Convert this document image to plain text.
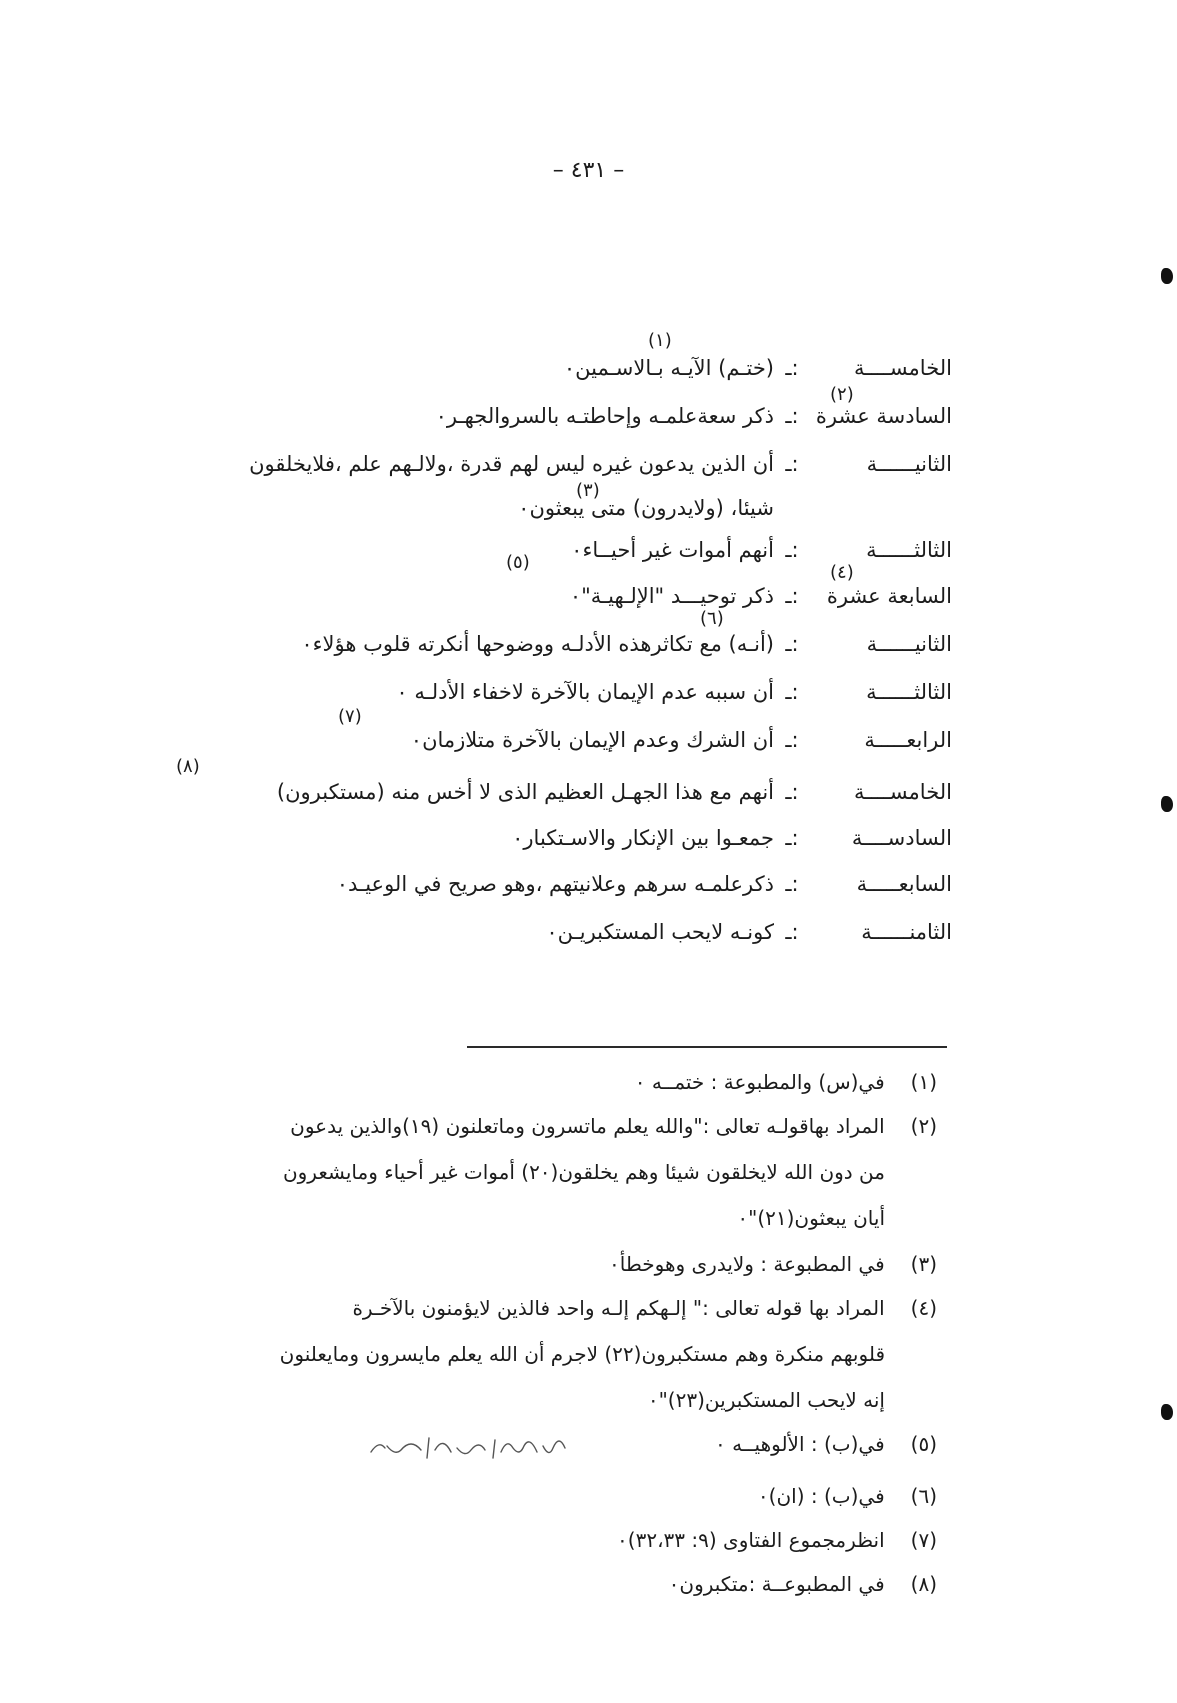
– ٤٣١ –
(١)
الخامســــة
:ـ
(ختـم) الآيـه بـالاسـمين٠
(٢)
السادسة عشرة
:ـ
ذكر سعةعلمـه وإحاطتـه بالسروالجهـر٠
الثانيــــــة
:ـ
أن الذين يدعون غيره ليس لهم قدرة ،ولالـهم علم ،فلايخلقون
(٣)
شيئا، (ولايدرون) متى يبعثون٠
الثالثــــــة
:ـ
أنهم أموات غير أحيــاء٠
(٤)
(٥)
السابعة عشرة
:ـ
ذكر توحيـــد "الإلـهيـة"٠
(٦)
الثانيــــــة
:ـ
(أنـه) مع تكاثرهذه الأدلـه ووضوحها أنكرته قلوب هؤلاء٠
الثالثــــــة
:ـ
أن سببه عدم الإيمان بالآخرة لاخفاء الأدلـه ٠
(٧)
الرابعـــــة
:ـ
أن الشرك وعدم الإيمان بالآخرة متلازمان٠
(٨)
الخامســــة
:ـ
أنهم مع هذا الجهـل العظيم الذى لا أخس منه (مستكبرون)
السادســــة
:ـ
جمعـوا بين الإنكار والاسـتكبار٠
السابعـــــة
:ـ
ذكرعلمـه سرهم وعلانيتهم ،وهو صريح في الوعيـد٠
الثامنــــــة
:ـ
كونـه لايحب المستكبريـن٠
(١) في(س) والمطبوعة : ختمــه ٠
(٢) المراد بهاقولـه تعالى :"والله يعلم ماتسرون وماتعلنون (١٩)والذين يدعون
من دون الله لايخلقون شيئا وهم يخلقون(٢٠) أموات غير أحياء ومايشعرون
أيان يبعثون(٢١)"٠
(٣) في المطبوعة : ولايدرى وهوخطأ٠
(٤) المراد بها قوله تعالى :" إلـهكم إلـه واحد فالذين لايؤمنون بالآخـرة
قلوبهم منكرة وهم مستكبرون(٢٢) لاجرم أن الله يعلم مايسرون ومايعلنون
إنه لايحب المستكبرين(٢٣)"٠
(٥) في(ب) : الألوهيــه ٠
(٦) في(ب) : (ان)٠
(٧) انظرمجموع الفتاوى (٩: ٣٢،٣٣)٠
(٨) في المطبوعــة :متكبرون٠
